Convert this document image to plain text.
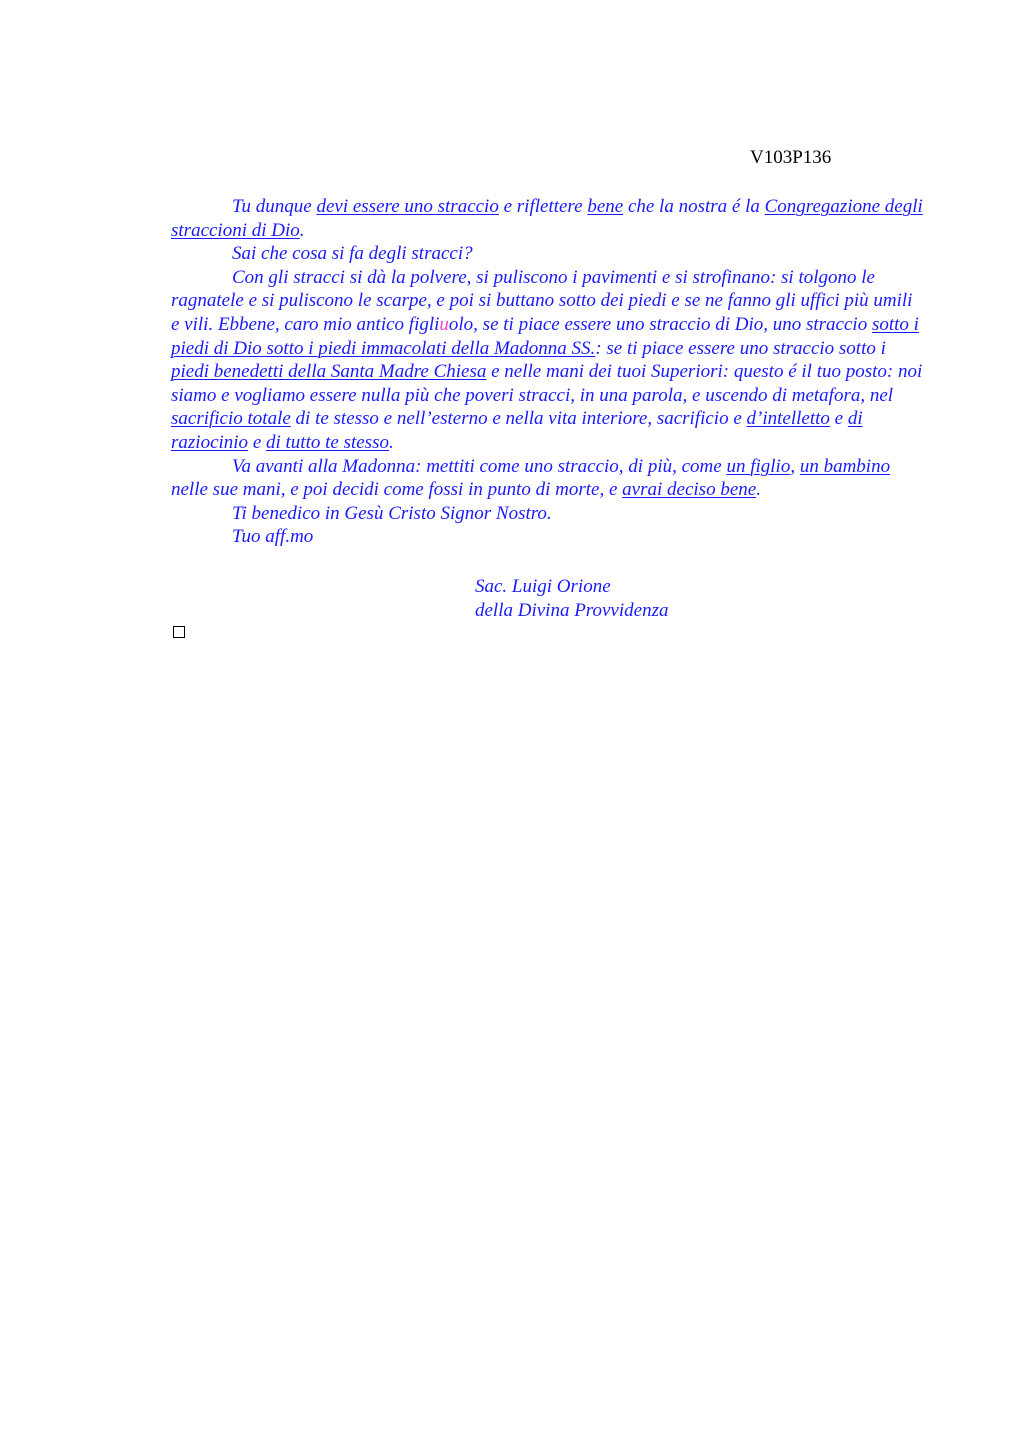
V103P136

Tu dunque devi essere uno straccio e riflettere bene che la nostra é la Congregazione degli straccioni di Dio.

Sai che cosa si fa degli stracci?

Con gli stracci si dà la polvere, si puliscono i pavimenti e si strofinano: si tolgono le ragnatele e si puliscono le scarpe, e poi si buttano sotto dei piedi e se ne fanno gli uffici più umili e vili. Ebbene, caro mio antico figliuolo, se ti piace essere uno straccio di Dio, uno straccio sotto i piedi di Dio sotto i piedi immacolati della Madonna SS.: se ti piace essere uno straccio sotto i piedi benedetti della Santa Madre Chiesa e nelle mani dei tuoi Superiori: questo é il tuo posto: noi siamo e vogliamo essere nulla più che poveri stracci, in una parola, e uscendo di metafora, nel sacrificio totale di te stesso e nell’esterno e nella vita interiore, sacrificio e d’intelletto e di raziocinio e di tutto te stesso.

Va avanti alla Madonna: mettiti come uno straccio, di più, come un figlio, un bambino nelle sue mani, e poi decidi come fossi in punto di morte, e avrai deciso bene.

Ti benedico in Gesù Cristo Signor Nostro.

Tuo aff.mo

Sac. Luigi Orione
della Divina Provvidenza
